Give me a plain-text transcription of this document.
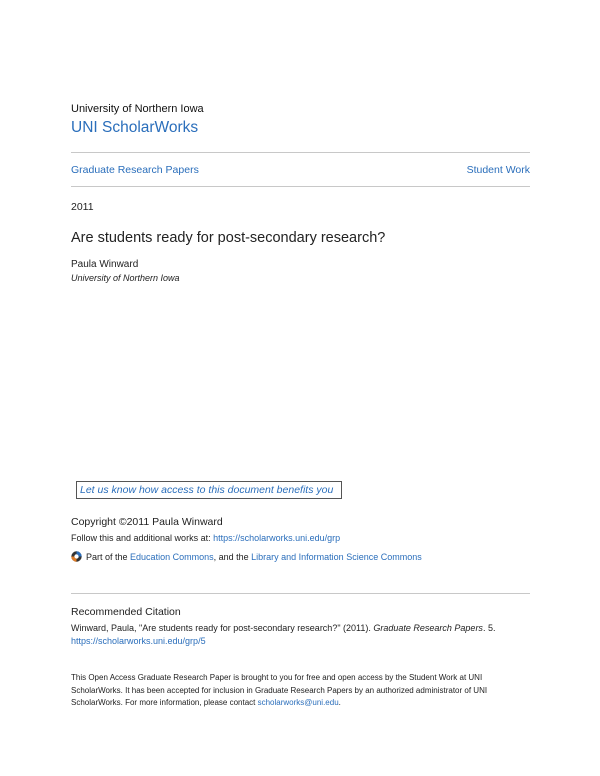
University of Northern Iowa
UNI ScholarWorks
Graduate Research Papers	Student Work
2011
Are students ready for post-secondary research?
Paula Winward
University of Northern Iowa
Let us know how access to this document benefits you
Copyright ©2011 Paula Winward
Follow this and additional works at: https://scholarworks.uni.edu/grp
Part of the
Education Commons , and the
Library and Information Science Commons
Recommended Citation
Winward, Paula, "Are students ready for post-secondary research?" (2011). Graduate Research Papers. 5.
https://scholarworks.uni.edu/grp/5
This Open Access Graduate Research Paper is brought to you for free and open access by the Student Work at UNI ScholarWorks. It has been accepted for inclusion in Graduate Research Papers by an authorized administrator of UNI ScholarWorks. For more information, please contact scholarworks@uni.edu.
